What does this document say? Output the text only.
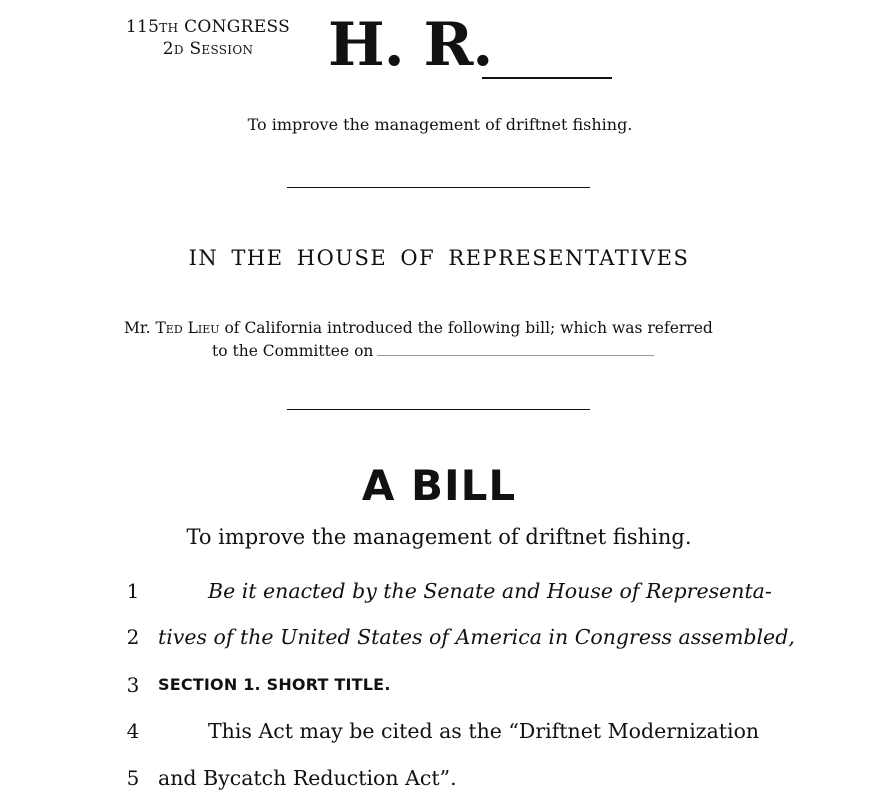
115th CONGRESS
2d Session	H. R.
To improve the management of driftnet fishing.
IN THE HOUSE OF REPRESENTATIVES
Mr. Ted Lieu of California introduced the following bill; which was referred
to the Committee on
A BILL
To improve the management of driftnet fishing.
1	Be it enacted by the Senate and House of Representa-
2 tives of the United States of America in Congress assembled,
3	SECTION 1. SHORT TITLE.
4	This Act may be cited as the “Driftnet Modernization
5 and Bycatch Reduction Act”.
